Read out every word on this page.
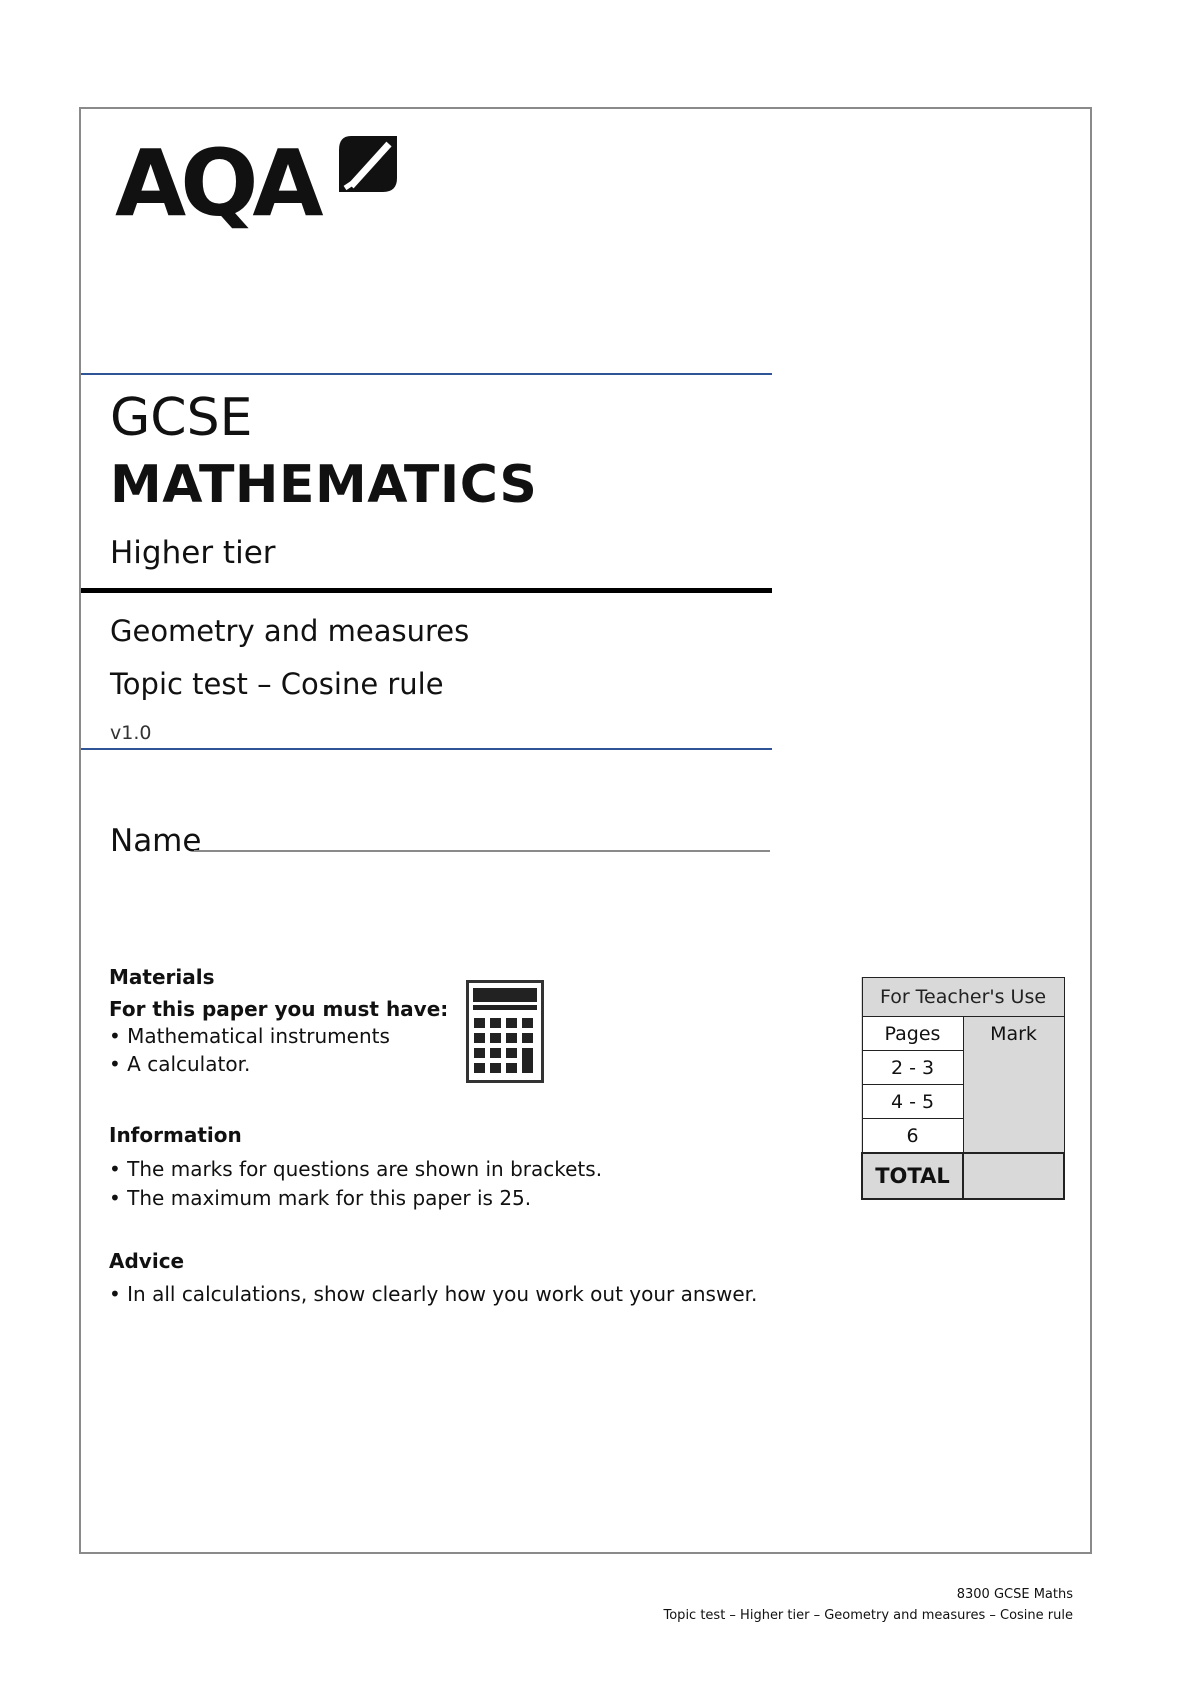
AQA
GCSE
MATHEMATICS
Higher tier
Geometry and measures
Topic test – Cosine rule
v1.0
Name
Materials
For this paper you must have:
• Mathematical instruments
• A calculator.
Information
• The marks for questions are shown in brackets.
• The maximum mark for this paper is 25.
Advice
• In all calculations, show clearly how you work out your answer.
For Teacher's Use	
Pages	Mark
2 - 3	
4 - 5	
6	
TOTAL	
8300 GCSE Maths
Topic test – Higher tier – Geometry and measures – Cosine rule
